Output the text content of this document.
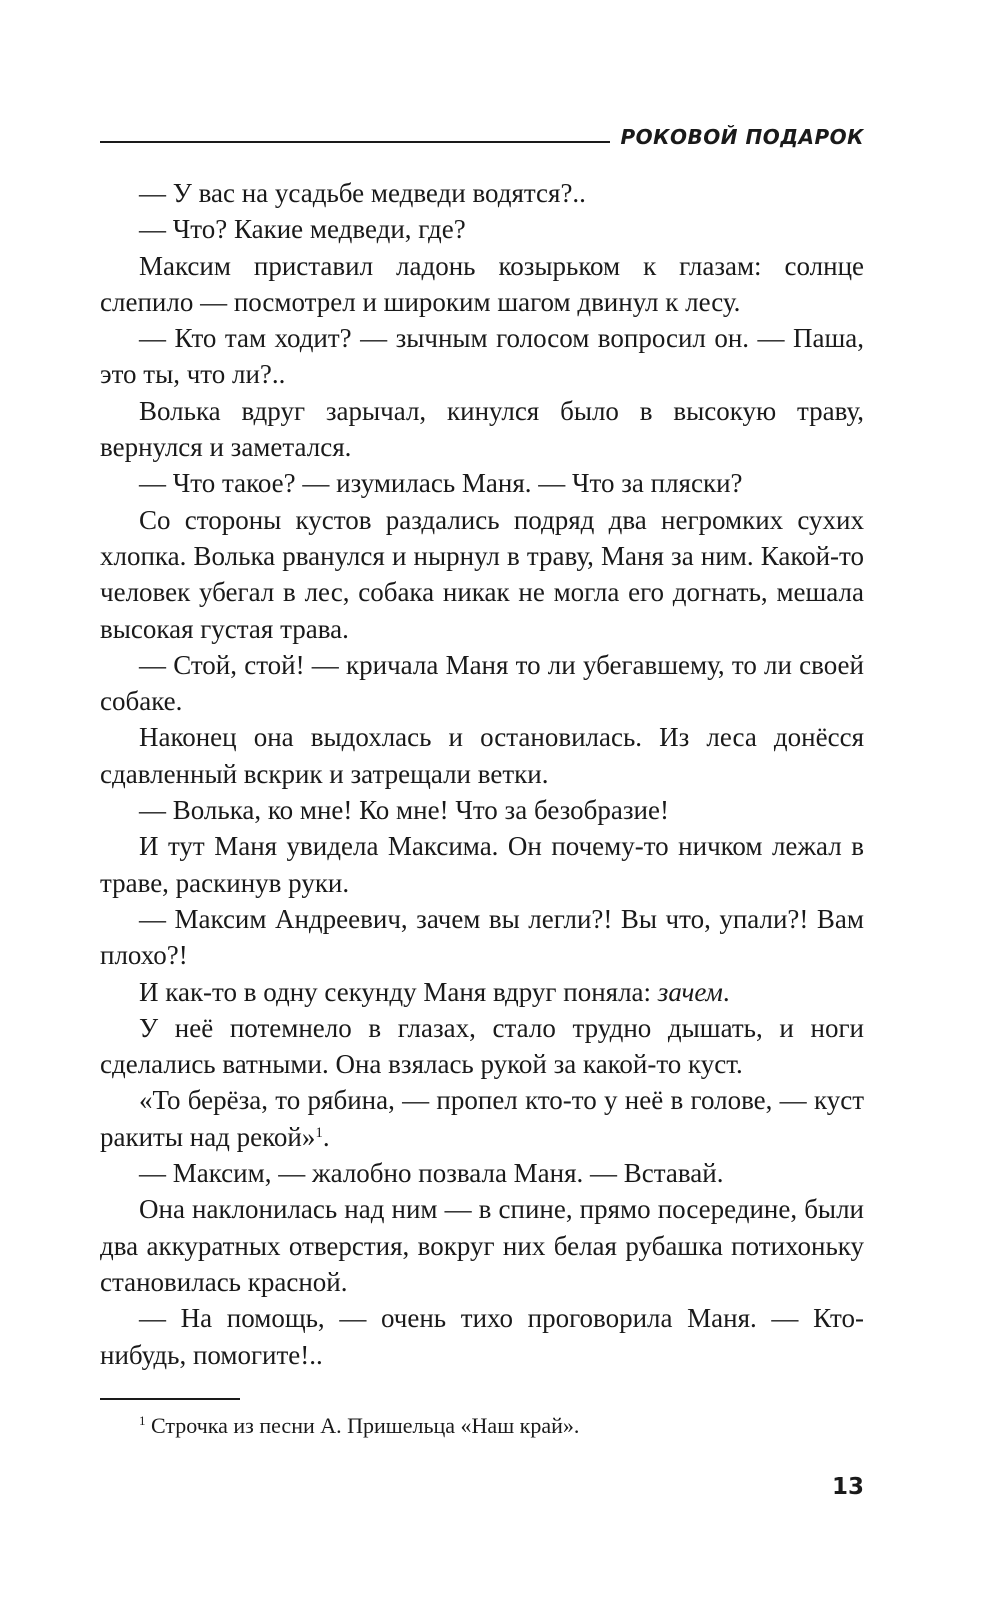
РОКОВОЙ ПОДАРОК

— У вас на усадьбе медведи водятся?..

— Что? Какие медведи, где?

Максим приставил ладонь козырьком к глазам: солнце слепило — посмотрел и широким шагом двинул к лесу.

— Кто там ходит? — зычным голосом вопросил он. — Паша, это ты, что ли?..

Волька вдруг зарычал, кинулся было в высокую траву, вернулся и заметался.

— Что такое? — изумилась Маня. — Что за пляски?

Со стороны кустов раздались подряд два негромких сухих хлопка. Волька рванулся и нырнул в траву, Маня за ним. Какой-то человек убегал в лес, собака никак не могла его догнать, мешала высокая густая трава.

— Стой, стой! — кричала Маня то ли убегавшему, то ли своей собаке.

Наконец она выдохлась и остановилась. Из леса донёсся сдавленный вскрик и затрещали ветки.

— Волька, ко мне! Ко мне! Что за безобразие!

И тут Маня увидела Максима. Он почему-то ничком лежал в траве, раскинув руки.

— Максим Андреевич, зачем вы легли?! Вы что, упали?! Вам плохо?!

И как-то в одну секунду Маня вдруг поняла: зачем.

У неё потемнело в глазах, стало трудно дышать, и ноги сделались ватными. Она взялась рукой за какой-то куст.

«То берёза, то рябина, — пропел кто-то у неё в голове, — куст ракиты над рекой»$^1$.

— Максим, — жалобно позвала Маня. — Вставай.

Она наклонилась над ним — в спине, прямо посередине, были два аккуратных отверстия, вокруг них белая рубашка потихоньку становилась красной.

— На помощь, — очень тихо проговорила Маня. — Кто-нибудь, помогите!..

$^1$ Строчка из песни А. Пришельца «Наш край».
13
